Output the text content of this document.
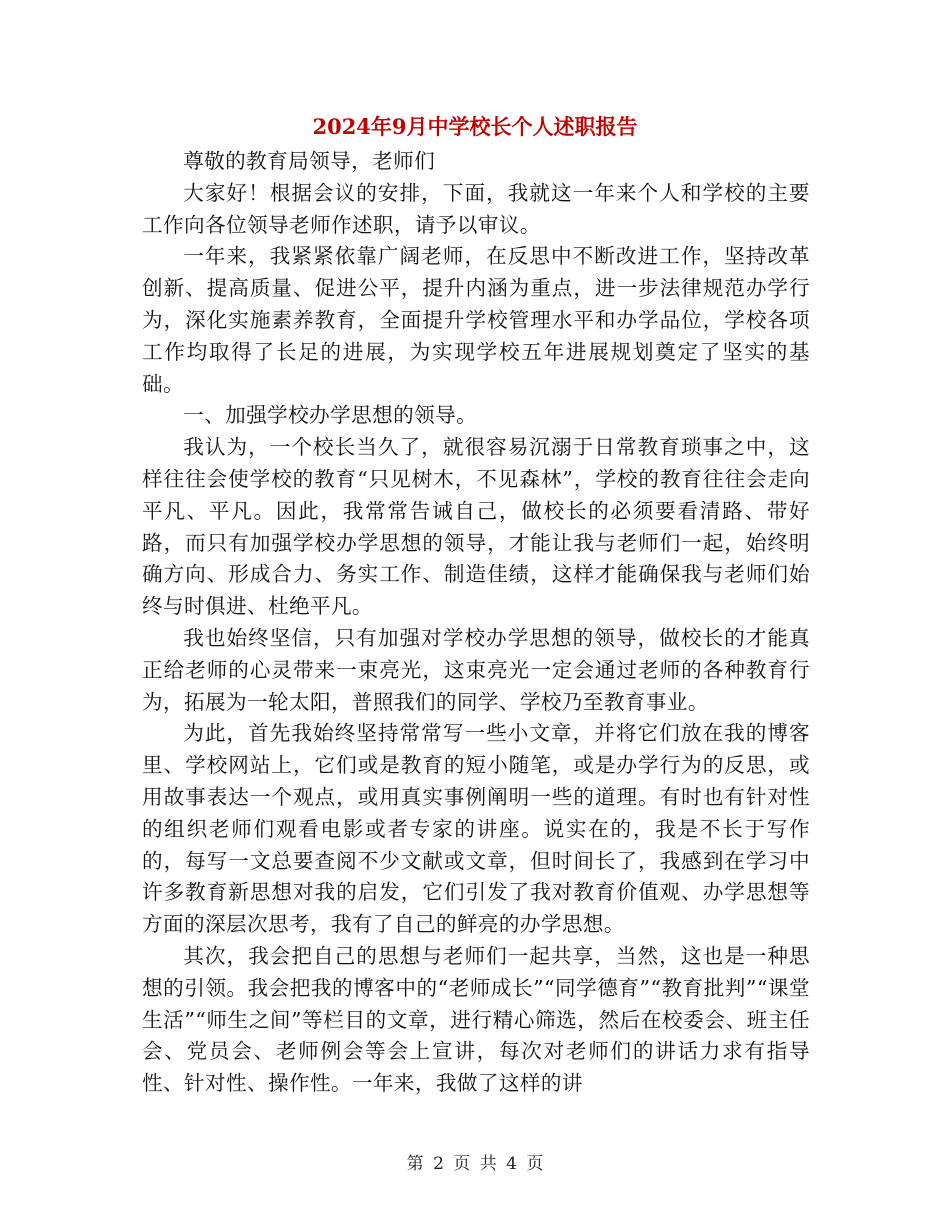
2024年9月中学校长个人述职报告

尊敬的教育局领导，老师们

大家好！根据会议的安排，下面，我就这一年来个人和学校的主要工作向各位领导老师作述职，请予以审议。

一年来，我紧紧依靠广阔老师，在反思中不断改进工作，坚持改革创新、提高质量、促进公平，提升内涵为重点，进一步法律规范办学行为，深化实施素养教育，全面提升学校管理水平和办学品位，学校各项工作均取得了长足的进展，为实现学校五年进展规划奠定了坚实的基础。

一、加强学校办学思想的领导。

我认为，一个校长当久了，就很容易沉溺于日常教育琐事之中，这样往往会使学校的教育“只见树木，不见森林”，学校的教育往往会走向平凡、平凡。因此，我常常告诫自己，做校长的必须要看清路、带好路，而只有加强学校办学思想的领导，才能让我与老师们一起，始终明确方向、形成合力、务实工作、制造佳绩，这样才能确保我与老师们始终与时俱进、杜绝平凡。

我也始终坚信，只有加强对学校办学思想的领导，做校长的才能真正给老师的心灵带来一束亮光，这束亮光一定会通过老师的各种教育行为，拓展为一轮太阳，普照我们的同学、学校乃至教育事业。

为此，首先我始终坚持常常写一些小文章，并将它们放在我的博客里、学校网站上，它们或是教育的短小随笔，或是办学行为的反思，或用故事表达一个观点，或用真实事例阐明一些的道理。有时也有针对性的组织老师们观看电影或者专家的讲座。说实在的，我是不长于写作的，每写一文总要查阅不少文献或文章，但时间长了，我感到在学习中许多教育新思想对我的启发，它们引发了我对教育价值观、办学思想等方面的深层次思考，我有了自己的鲜亮的办学思想。

其次，我会把自己的思想与老师们一起共享，当然，这也是一种思想的引领。我会把我的博客中的“老师成长”“同学德育”“教育批判”“课堂生活”“师生之间”等栏目的文章，进行精心筛选，然后在校委会、班主任会、党员会、老师例会等会上宣讲，每次对老师们的讲话力求有指导性、针对性、操作性。一年来，我做了这样的讲

第 2 页 共 4 页
